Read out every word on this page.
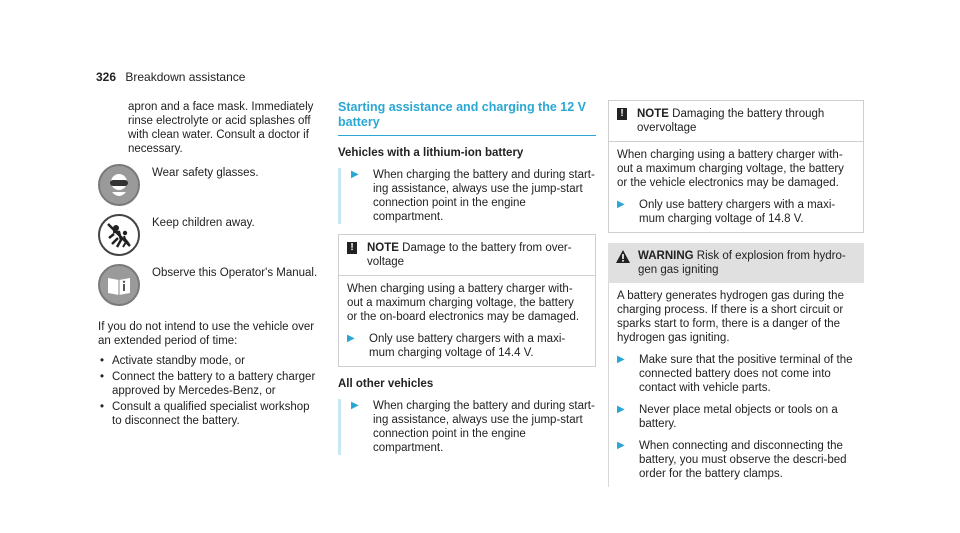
326 Breakdown assistance
apron and a face mask. Immediately rinse electrolyte or acid splashes off with clean water. Consult a doctor if necessary.
Wear safety glasses.
Keep children away.
Observe this Operator's Manual.
If you do not intend to use the vehicle over an extended period of time:
• Activate standby mode, or
• Connect the battery to a battery charger approved by Mercedes-Benz, or
• Consult a qualified specialist workshop to disconnect the battery.
Starting assistance and charging the 12 V battery
Vehicles with a lithium-ion battery
▶	When charging the battery and during start-ing assistance, always use the jump-start connection point in the engine compartment.
! NOTE Damage to the battery from over-voltage
When charging using a battery charger with-out a maximum charging voltage, the battery or the on-board electronics may be damaged.
▶	Only use battery chargers with a maxi-mum charging voltage of 14.4 V.
All other vehicles
▶	When charging the battery and during start-ing assistance, always use the jump-start connection point in the engine compartment.
! NOTE Damaging the battery through overvoltage
When charging using a battery charger with-out a maximum charging voltage, the battery or the vehicle electronics may be damaged.
▶	Only use battery chargers with a maxi-mum charging voltage of 14.8 V.
WARNING Risk of explosion from hydro-gen gas igniting
A battery generates hydrogen gas during the charging process. If there is a short circuit or sparks start to form, there is a danger of the hydrogen gas igniting.
▶	Make sure that the positive terminal of the connected battery does not come into contact with vehicle parts.
▶	Never place metal objects or tools on a battery.
▶	When connecting and disconnecting the battery, you must observe the descri-bed order for the battery clamps.
